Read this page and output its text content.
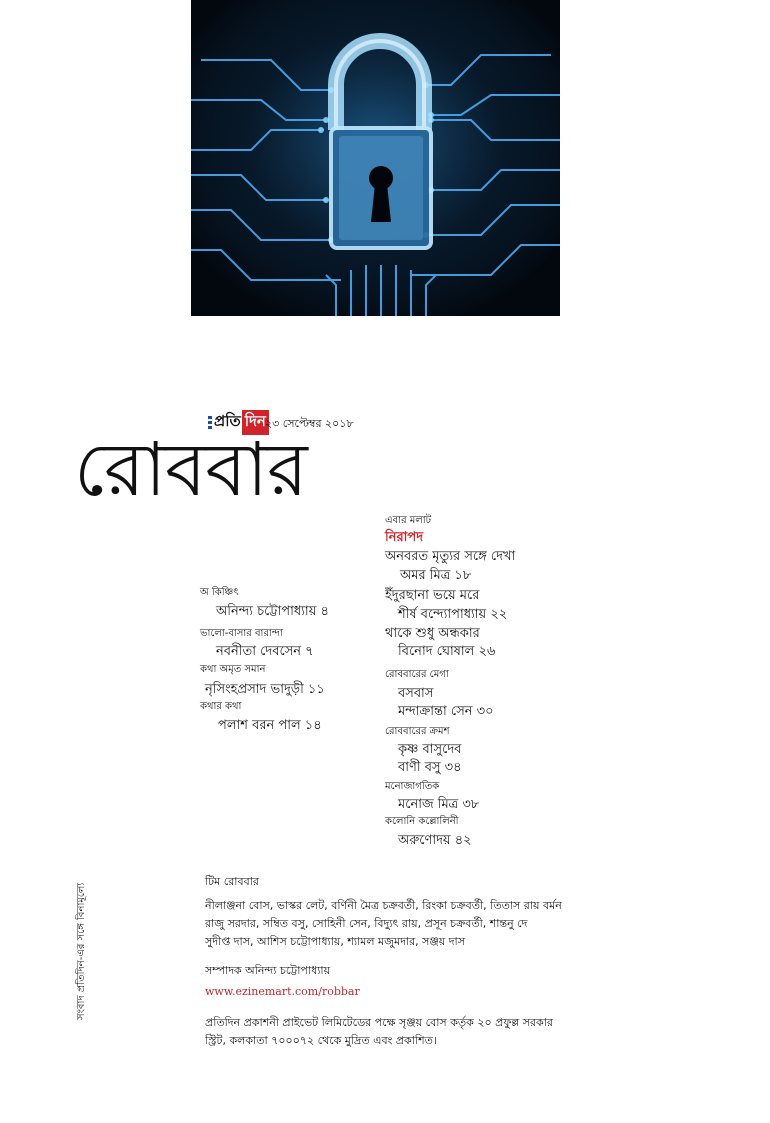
প্রতি দিন ২৩ সেপ্টেম্বর ২০১৮
রোববার
অ কিঞ্চিৎ
অনিন্দ্য চট্টোপাধ্যায় ৪
ভালো-বাসার বারান্দা
নবনীতা দেবসেন ৭
কথা অমৃত সমান
নৃসিংহপ্রসাদ ভাদুড়ী ১১
কথার কথা
পলাশ বরন পাল ১৪
এবার মলাট
নিরাপদ
অনবরত মৃত্যুর সঙ্গে দেখা
অমর মিত্র ১৮
ইঁদুরছানা ভয়ে মরে
শীর্ষ বন্দ্যোপাধ্যায় ২২
থাকে শুধু অন্ধকার
বিনোদ ঘোষাল ২৬
রোববারের মেগা
বসবাস
মন্দাক্রান্তা সেন ৩০
রোববারের ক্রমশ
কৃষ্ণ বাসুদেব
বাণী বসু ৩৪
মনোজাগতিক
মনোজ মিত্র ৩৮
কলোনি কল্লোলিনী
অরুণোদয় ৪২
সংবাদ প্রতিদিন-এর সঙ্গে বিনামূল্যে
টিম রোববার
নীলাঞ্জনা বোস, ভাস্কর লেট, বর্ণিনী মৈত্র চক্রবর্তী, রিংকা চক্রবর্তী, তিতাস রায় বর্মন
রাজু সরদার, সম্বিত বসু, সোহিনী সেন, বিদ্যুৎ রায়, প্রসূন চক্রবর্তী, শান্তনু দে
সুদীপ্ত দাস, আশিস চট্টোপাধ্যায়, শ্যামল মজুমদার, সঞ্জয় দাস
সম্পাদক অনিন্দ্য চট্টোপাধ্যায়
www.ezinemart.com/robbar
প্রতিদিন প্রকাশনী প্রাইভেট লিমিটেডের পক্ষে সৃঞ্জয় বোস কর্তৃক ২০ প্রফুল্ল সরকার
স্ট্রিট, কলকাতা ৭০০০৭২ থেকে মুদ্রিত এবং প্রকাশিত।
